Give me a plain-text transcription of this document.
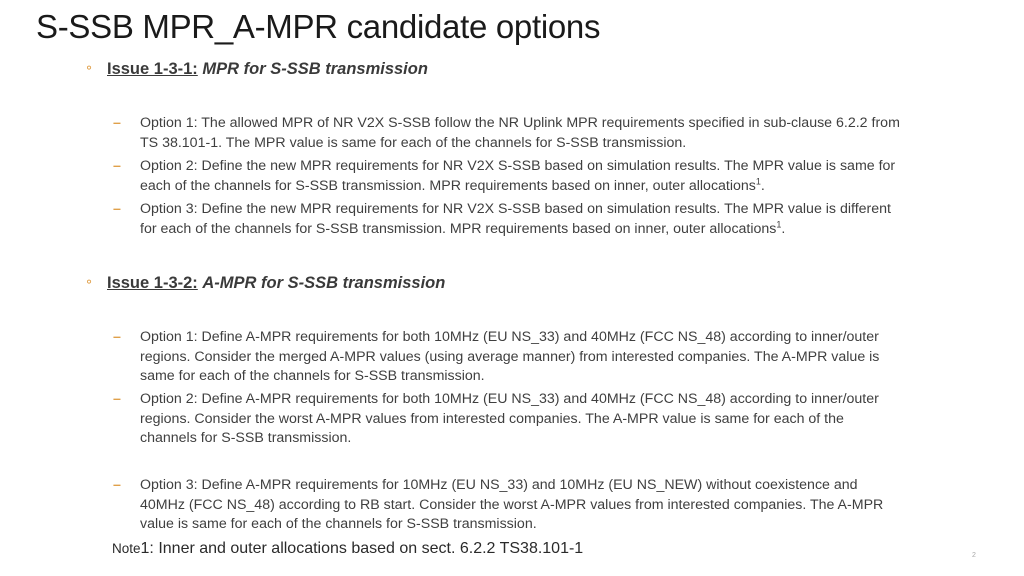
S-SSB MPR_A-MPR candidate options
⚬ Issue 1-3-1: MPR for S-SSB transmission
– Option 1: The allowed MPR of NR V2X S-SSB follow the NR Uplink MPR requirements specified in sub-clause 6.2.2 from TS 38.101-1. The MPR value is same for each of the channels for S-SSB transmission.
– Option 2: Define the new MPR requirements for NR V2X S-SSB based on simulation results. The MPR value is same for each of the channels for S-SSB transmission. MPR requirements based on inner, outer allocations$^1$.
– Option 3: Define the new MPR requirements for NR V2X S-SSB based on simulation results. The MPR value is different for each of the channels for S-SSB transmission. MPR requirements based on inner, outer allocations$^1$.
⚬ Issue 1-3-2: A-MPR for S-SSB transmission
– Option 1: Define A-MPR requirements for both 10MHz (EU NS_33) and 40MHz (FCC NS_48) according to inner/outer regions. Consider the merged A-MPR values (using average manner) from interested companies. The A-MPR value is same for each of the channels for S-SSB transmission.
– Option 2: Define A-MPR requirements for both 10MHz (EU NS_33) and 40MHz (FCC NS_48) according to inner/outer regions. Consider the worst A-MPR values from interested companies. The A-MPR value is same for each of the channels for S-SSB transmission.
– Option 3: Define A-MPR requirements for 10MHz (EU NS_33) and 10MHz (EU NS_NEW) without coexistence and 40MHz (FCC NS_48) according to RB start. Consider the worst A-MPR values from interested companies. The A-MPR value is same for each of the channels for S-SSB transmission.
Note1: Inner and outer allocations based on sect. 6.2.2 TS38.101-1	2
